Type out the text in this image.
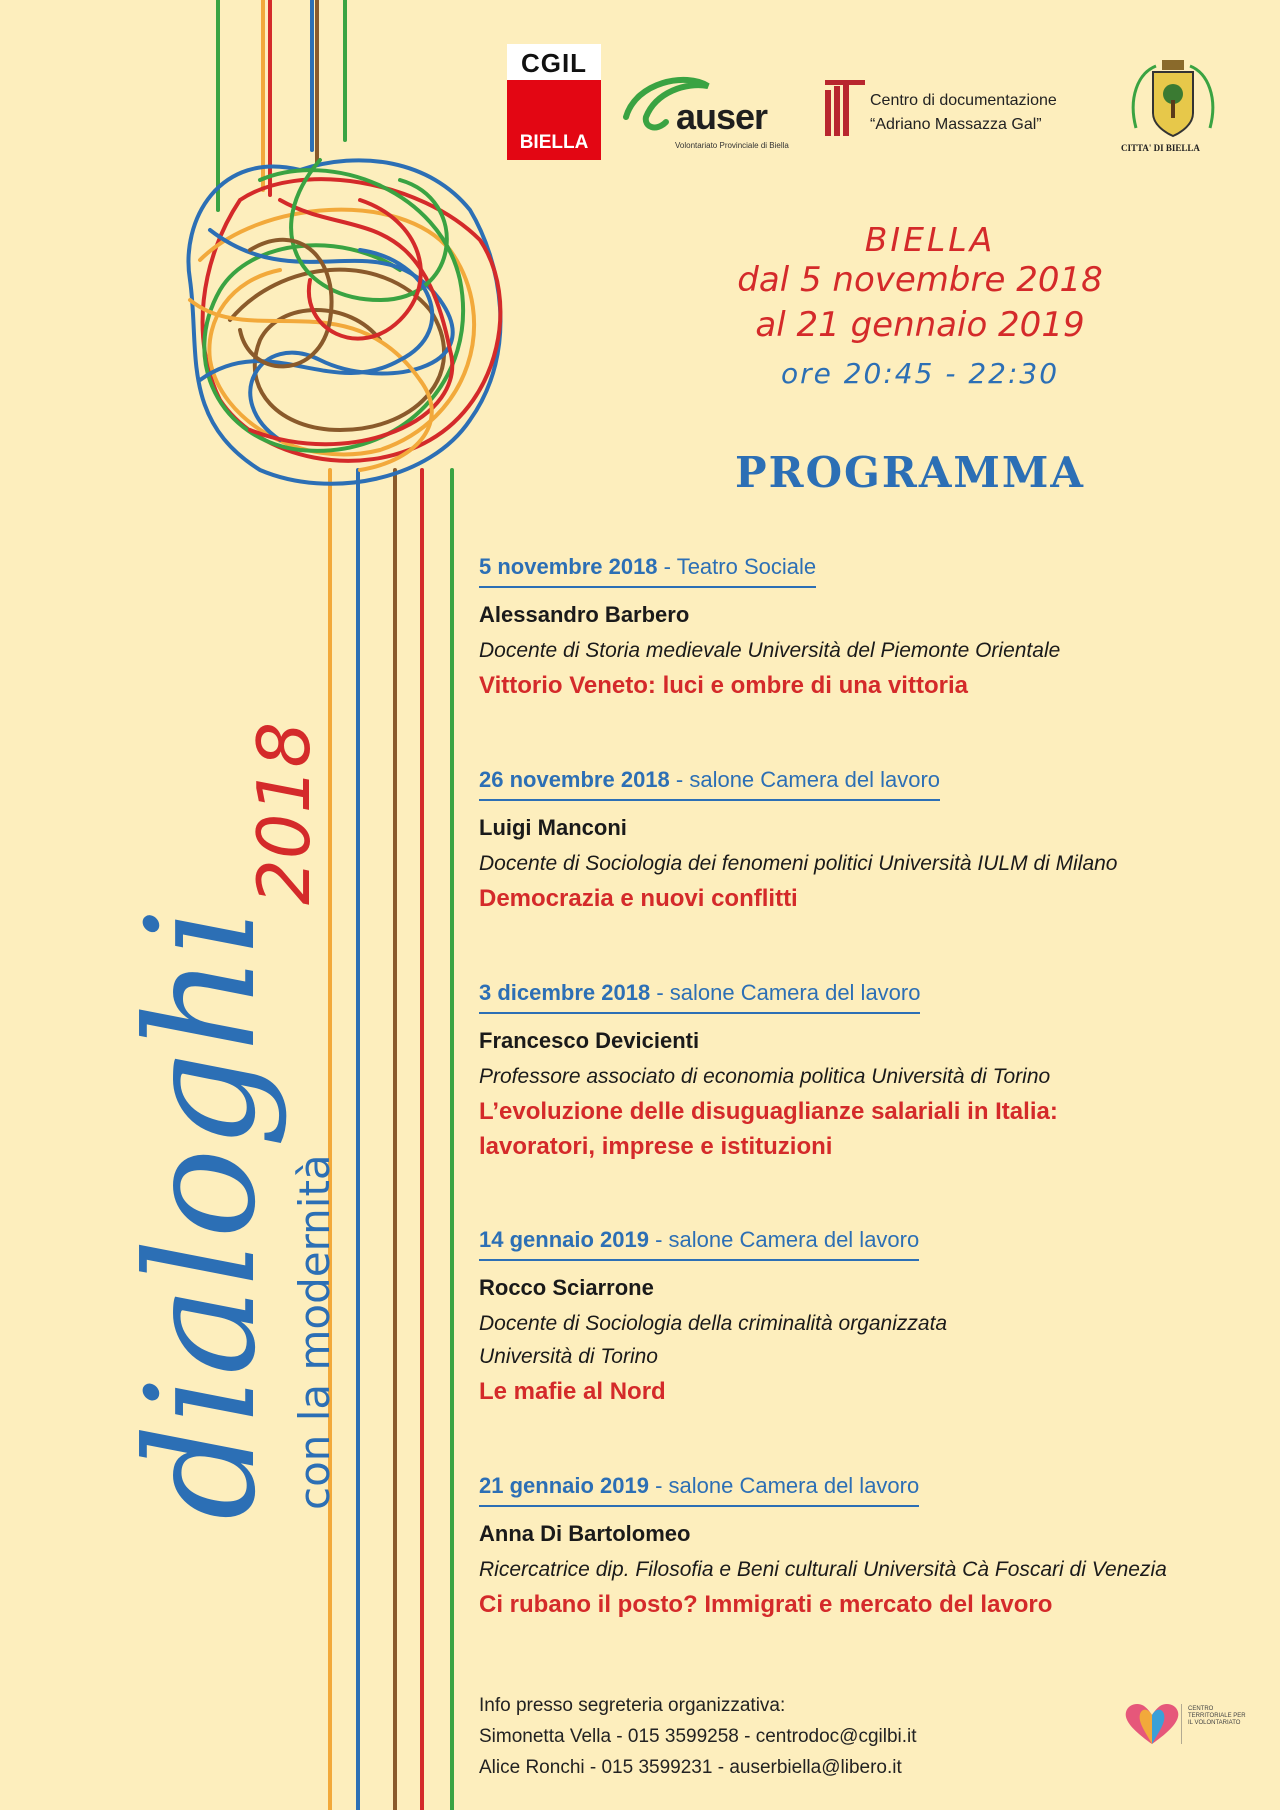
CGIL
BIELLA
auser
Volontariato Provinciale di Biella
Centro di documentazione
“Adriano Massazza Gal”
CITTA' DI BIELLA
BIELLA
dal 5 novembre 2018
al 21 gennaio 2019
ore 20:45 - 22:30
PROGRAMMA
dialoghi con la modernità
2018
5 novembre 2018 - Teatro Sociale
Alessandro Barbero
Docente di Storia medievale Università del Piemonte Orientale
Vittorio Veneto: luci e ombre di una vittoria
26 novembre 2018 - salone Camera del lavoro
Luigi Manconi
Docente di Sociologia dei fenomeni politici Università IULM di Milano
Democrazia e nuovi conflitti
3 dicembre 2018 - salone Camera del lavoro
Francesco Devicienti
Professore associato di economia politica Università di Torino
L’evoluzione delle disuguaglianze salariali in Italia:
lavoratori, imprese e istituzioni
14 gennaio 2019 - salone Camera del lavoro
Rocco Sciarrone
Docente di Sociologia della criminalità organizzata
Università di Torino
Le mafie al Nord
21 gennaio 2019 - salone Camera del lavoro
Anna Di Bartolomeo
Ricercatrice dip. Filosofia e Beni culturali Università Cà Foscari di Venezia
Ci rubano il posto? Immigrati e mercato del lavoro
Info presso segreteria organizzativa:
Simonetta Vella - 015 3599258 - centrodoc@cgilbi.it
Alice Ronchi - 015 3599231 - auserbiella@libero.it
CENTRO TERRITORIALE PER IL VOLONTARIATO
